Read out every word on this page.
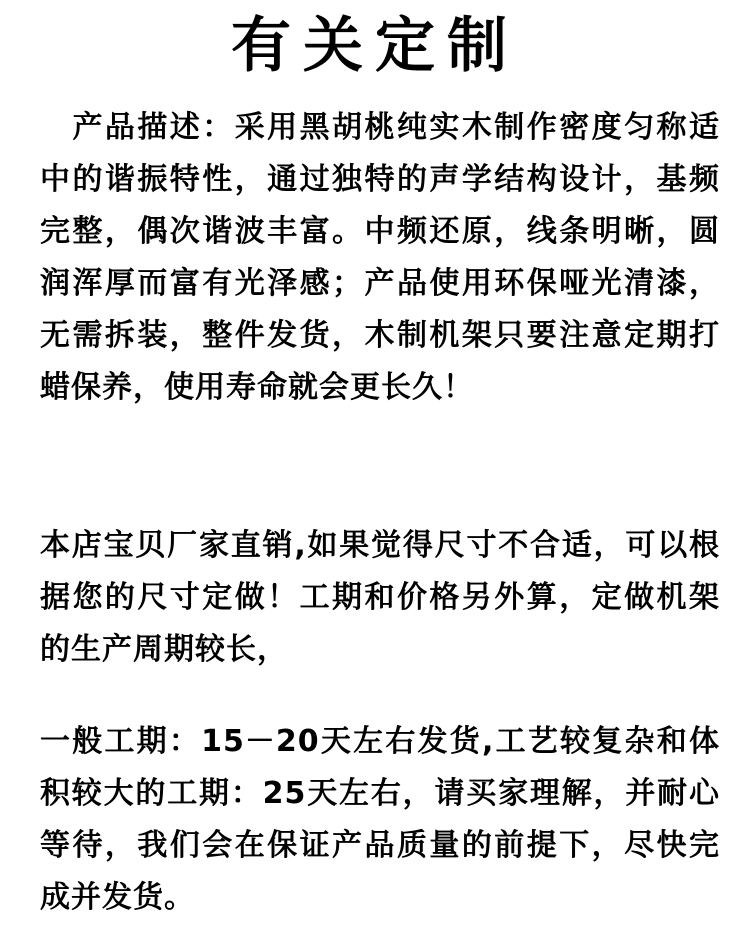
有关定制
　产品描述：采用黑胡桃纯实木制作密度匀称适中的谐振特性，通过独特的声学结构设计，基频完整，偶次谐波丰富。中频还原，线条明晰，圆润浑厚而富有光泽感；产品使用环保哑光清漆，无需拆装，整件发货，木制机架只要注意定期打蜡保养，使用寿命就会更长久！
本店宝贝厂家直销,如果觉得尺寸不合适，可以根据您的尺寸定做！工期和价格另外算，定做机架的生产周期较长，
一般工期：15－20天左右发货,工艺较复杂和体积较大的工期：25天左右，请买家理解，并耐心等待，我们会在保证产品质量的前提下，尽快完成并发货。
